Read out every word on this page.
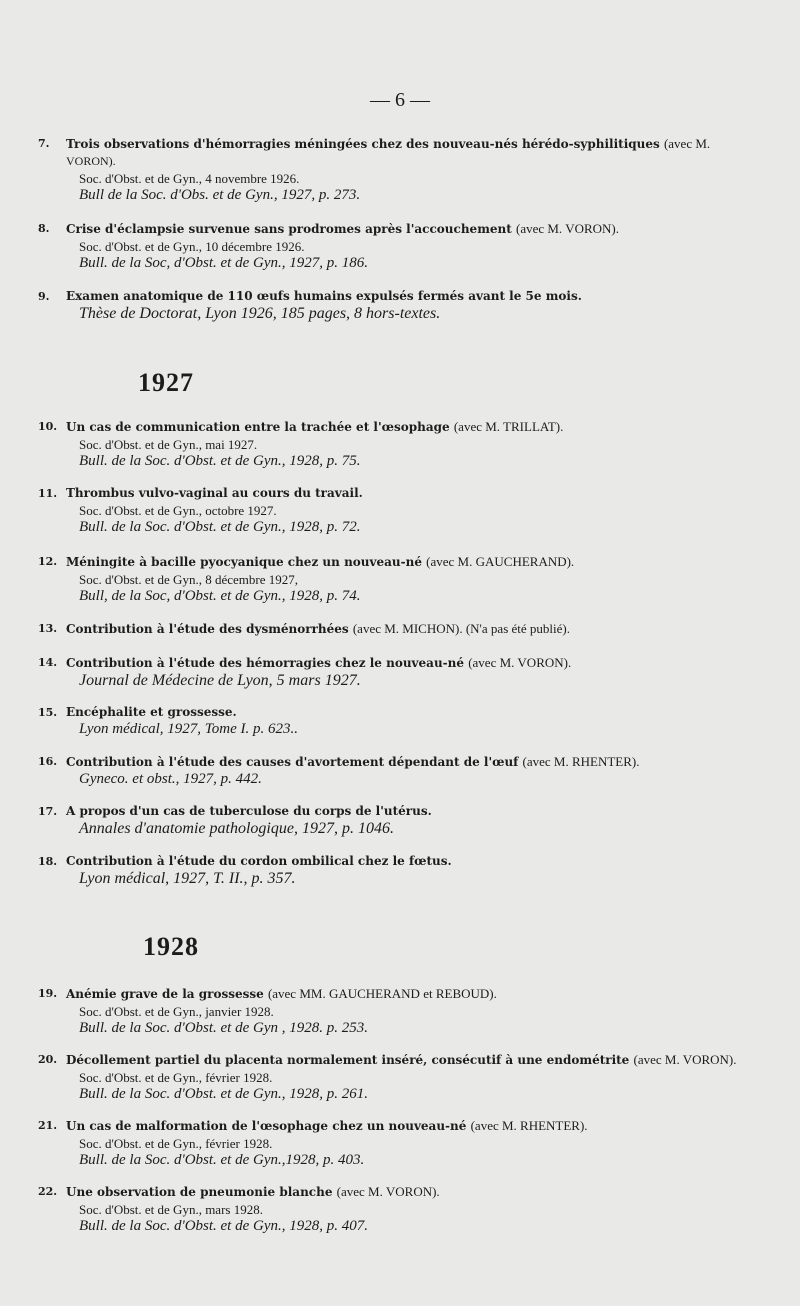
— 6 —
7.	Trois observations d'hémorragies méningées chez des nouveau-nés hérédo-syphilitiques (avec M.
VORON).
Soc. d'Obst. et de Gyn., 4 novembre 1926.
Bull de la Soc. d'Obs. et de Gyn., 1927, p. 273.
8.	Crise d'éclampsie survenue sans prodromes après l'accouchement (avec M. VORON).
Soc. d'Obst. et de Gyn., 10 décembre 1926.
Bull. de la Soc, d'Obst. et de Gyn., 1927, p. 186.
9.	Examen anatomique de 110 œufs humains expulsés fermés avant le 5e mois.
Thèse de Doctorat, Lyon 1926, 185 pages, 8 hors-textes.
1927
10. Un cas de communication entre la trachée et l'œsophage (avec M. TRILLAT).
Soc. d'Obst. et de Gyn., mai 1927.
Bull. de la Soc. d'Obst. et de Gyn., 1928, p. 75.
11. Thrombus vulvo-vaginal au cours du travail.
Soc. d'Obst. et de Gyn., octobre 1927.
Bull. de la Soc. d'Obst. et de Gyn., 1928, p. 72.
12. Méningite à bacille pyocyanique chez un nouveau-né (avec M. GAUCHERAND).
Soc. d'Obst. et de Gyn., 8 décembre 1927,
Bull, de la Soc, d'Obst. et de Gyn., 1928, p. 74.
13. Contribution à l'étude des dysménorrhées (avec M. MICHON). (N'a pas été publié).
14. Contribution à l'étude des hémorragies chez le nouveau-né (avec M. VORON).
Journal de Médecine de Lyon, 5 mars 1927.
15. Encéphalite et grossesse.
Lyon médical, 1927, Tome I. p. 623..
16. Contribution à l'étude des causes d'avortement dépendant de l'œuf (avec M. RHENTER).
Gyneco. et obst., 1927, p. 442.
17. A propos d'un cas de tuberculose du corps de l'utérus.
Annales d'anatomie pathologique, 1927, p. 1046.
18. Contribution à l'étude du cordon ombilical chez le fœtus.
Lyon médical, 1927, T. II., p. 357.
1928
19. Anémie grave de la grossesse (avec MM. GAUCHERAND et REBOUD).
Soc. d'Obst. et de Gyn., janvier 1928.
Bull. de la Soc. d'Obst. et de Gyn , 1928. p. 253.
20. Décollement partiel du placenta normalement inséré, consécutif à une endométrite (avec M. VORON).
Soc. d'Obst. et de Gyn., février 1928.
Bull. de la Soc. d'Obst. et de Gyn., 1928, p. 261.
21. Un cas de malformation de l'œsophage chez un nouveau-né (avec M. RHENTER).
Soc. d'Obst. et de Gyn., février 1928.
Bull. de la Soc. d'Obst. et de Gyn.,1928, p. 403.
22. Une observation de pneumonie blanche (avec M. VORON).
Soc. d'Obst. et de Gyn., mars 1928.
Bull. de la Soc. d'Obst. et de Gyn., 1928, p. 407.
